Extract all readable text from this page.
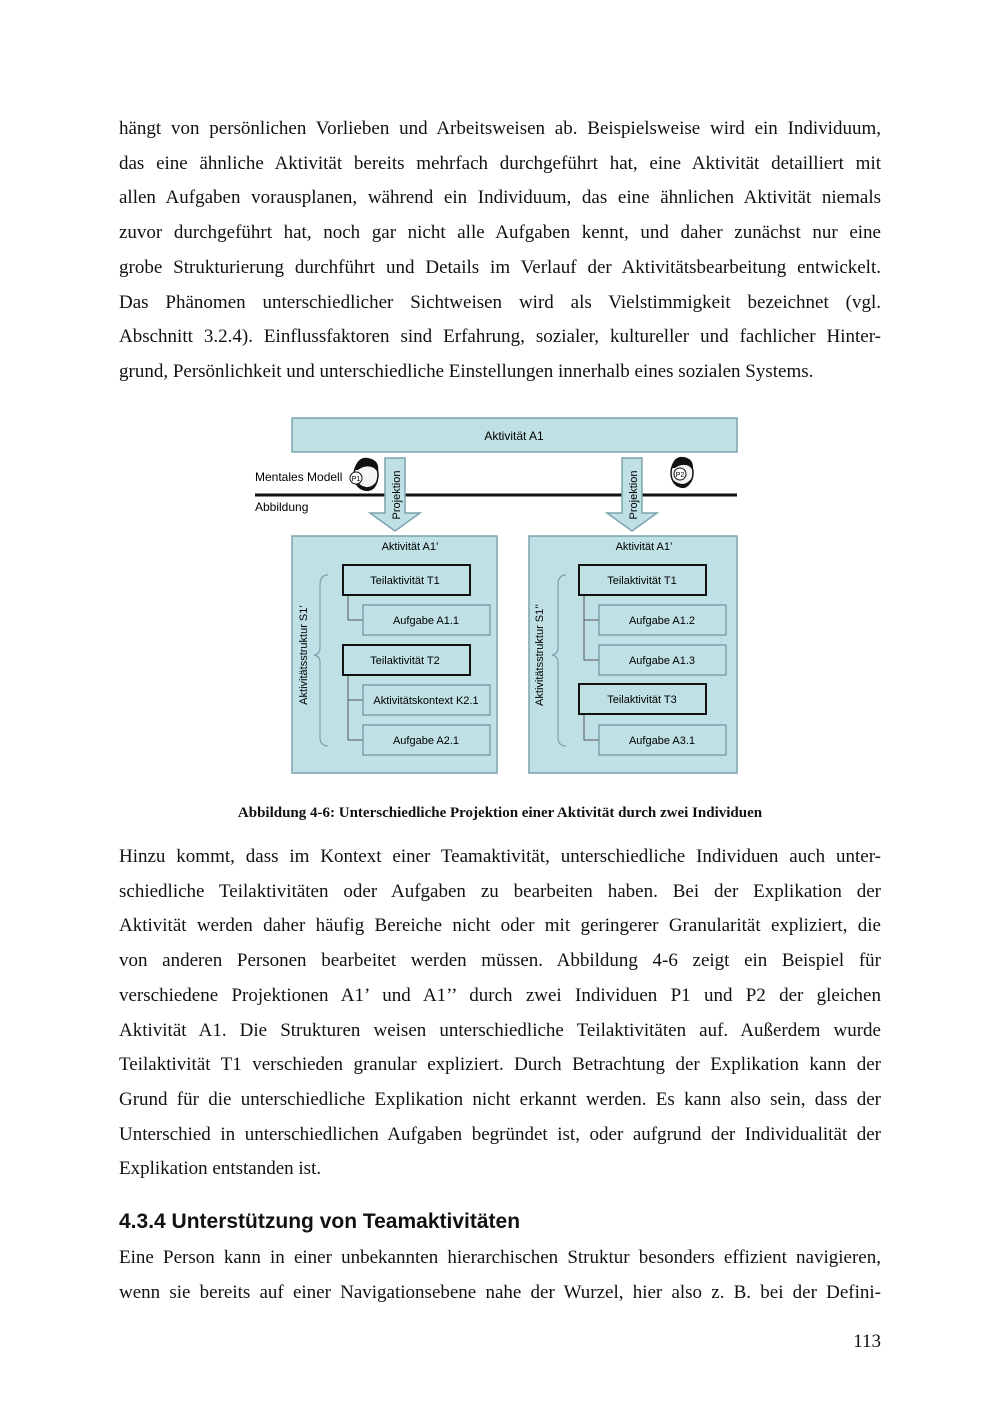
hängt von persönlichen Vorlieben und Arbeitsweisen ab. Beispielsweise wird ein Individuum,
das eine ähnliche Aktivität bereits mehrfach durchgeführt hat, eine Aktivität detailliert mit
allen Aufgaben vorausplanen, während ein Individuum, das eine ähnlichen Aktivität niemals
zuvor durchgeführt hat, noch gar nicht alle Aufgaben kennt, und daher zunächst nur eine
grobe Strukturierung durchführt und Details im Verlauf der Aktivitätsbearbeitung entwickelt.
Das Phänomen unterschiedlicher Sichtweisen wird als Vielstimmigkeit bezeichnet (vgl.
Abschnitt 3.2.4). Einflussfaktoren sind Erfahrung, sozialer, kultureller und fachlicher Hinter-
grund, Persönlichkeit und unterschiedliche Einstellungen innerhalb eines sozialen Systems.
Aktivität A1
Mentales Modell
Abbildung
P1
P2
Projektion	Projektion
Aktivität A1’
Aktivitätsstruktur S1’
Teilaktivität T1
Aufgabe A1.1
Teilaktivität T2
Aktivitätskontext K2.1
Aufgabe A2.1
Aktivität A1’
Aktivitätsstruktur S1’’
Teilaktivität T1
Aufgabe A1.2
Aufgabe A1.3
Teilaktivität T3
Aufgabe A3.1

Abbildung 4-6: Unterschiedliche Projektion einer Aktivität durch zwei Individuen

Hinzu kommt, dass im Kontext einer Teamaktivität, unterschiedliche Individuen auch unter-
schiedliche Teilaktivitäten oder Aufgaben zu bearbeiten haben. Bei der Explikation der
Aktivität werden daher häufig Bereiche nicht oder mit geringerer Granularität expliziert, die
von anderen Personen bearbeitet werden müssen. Abbildung 4-6 zeigt ein Beispiel für
verschiedene Projektionen A1’ und A1’’ durch zwei Individuen P1 und P2 der gleichen
Aktivität A1. Die Strukturen weisen unterschiedliche Teilaktivitäten auf. Außerdem wurde
Teilaktivität T1 verschieden granular expliziert. Durch Betrachtung der Explikation kann der
Grund für die unterschiedliche Explikation nicht erkannt werden. Es kann also sein, dass der
Unterschied in unterschiedlichen Aufgaben begründet ist, oder aufgrund der Individualität der
Explikation entstanden ist.
4.3.4 Unterstützung von Teamaktivitäten
Eine Person kann in einer unbekannten hierarchischen Struktur besonders effizient navigieren,
wenn sie bereits auf einer Navigationsebene nahe der Wurzel, hier also z. B. bei der Defini-

113
